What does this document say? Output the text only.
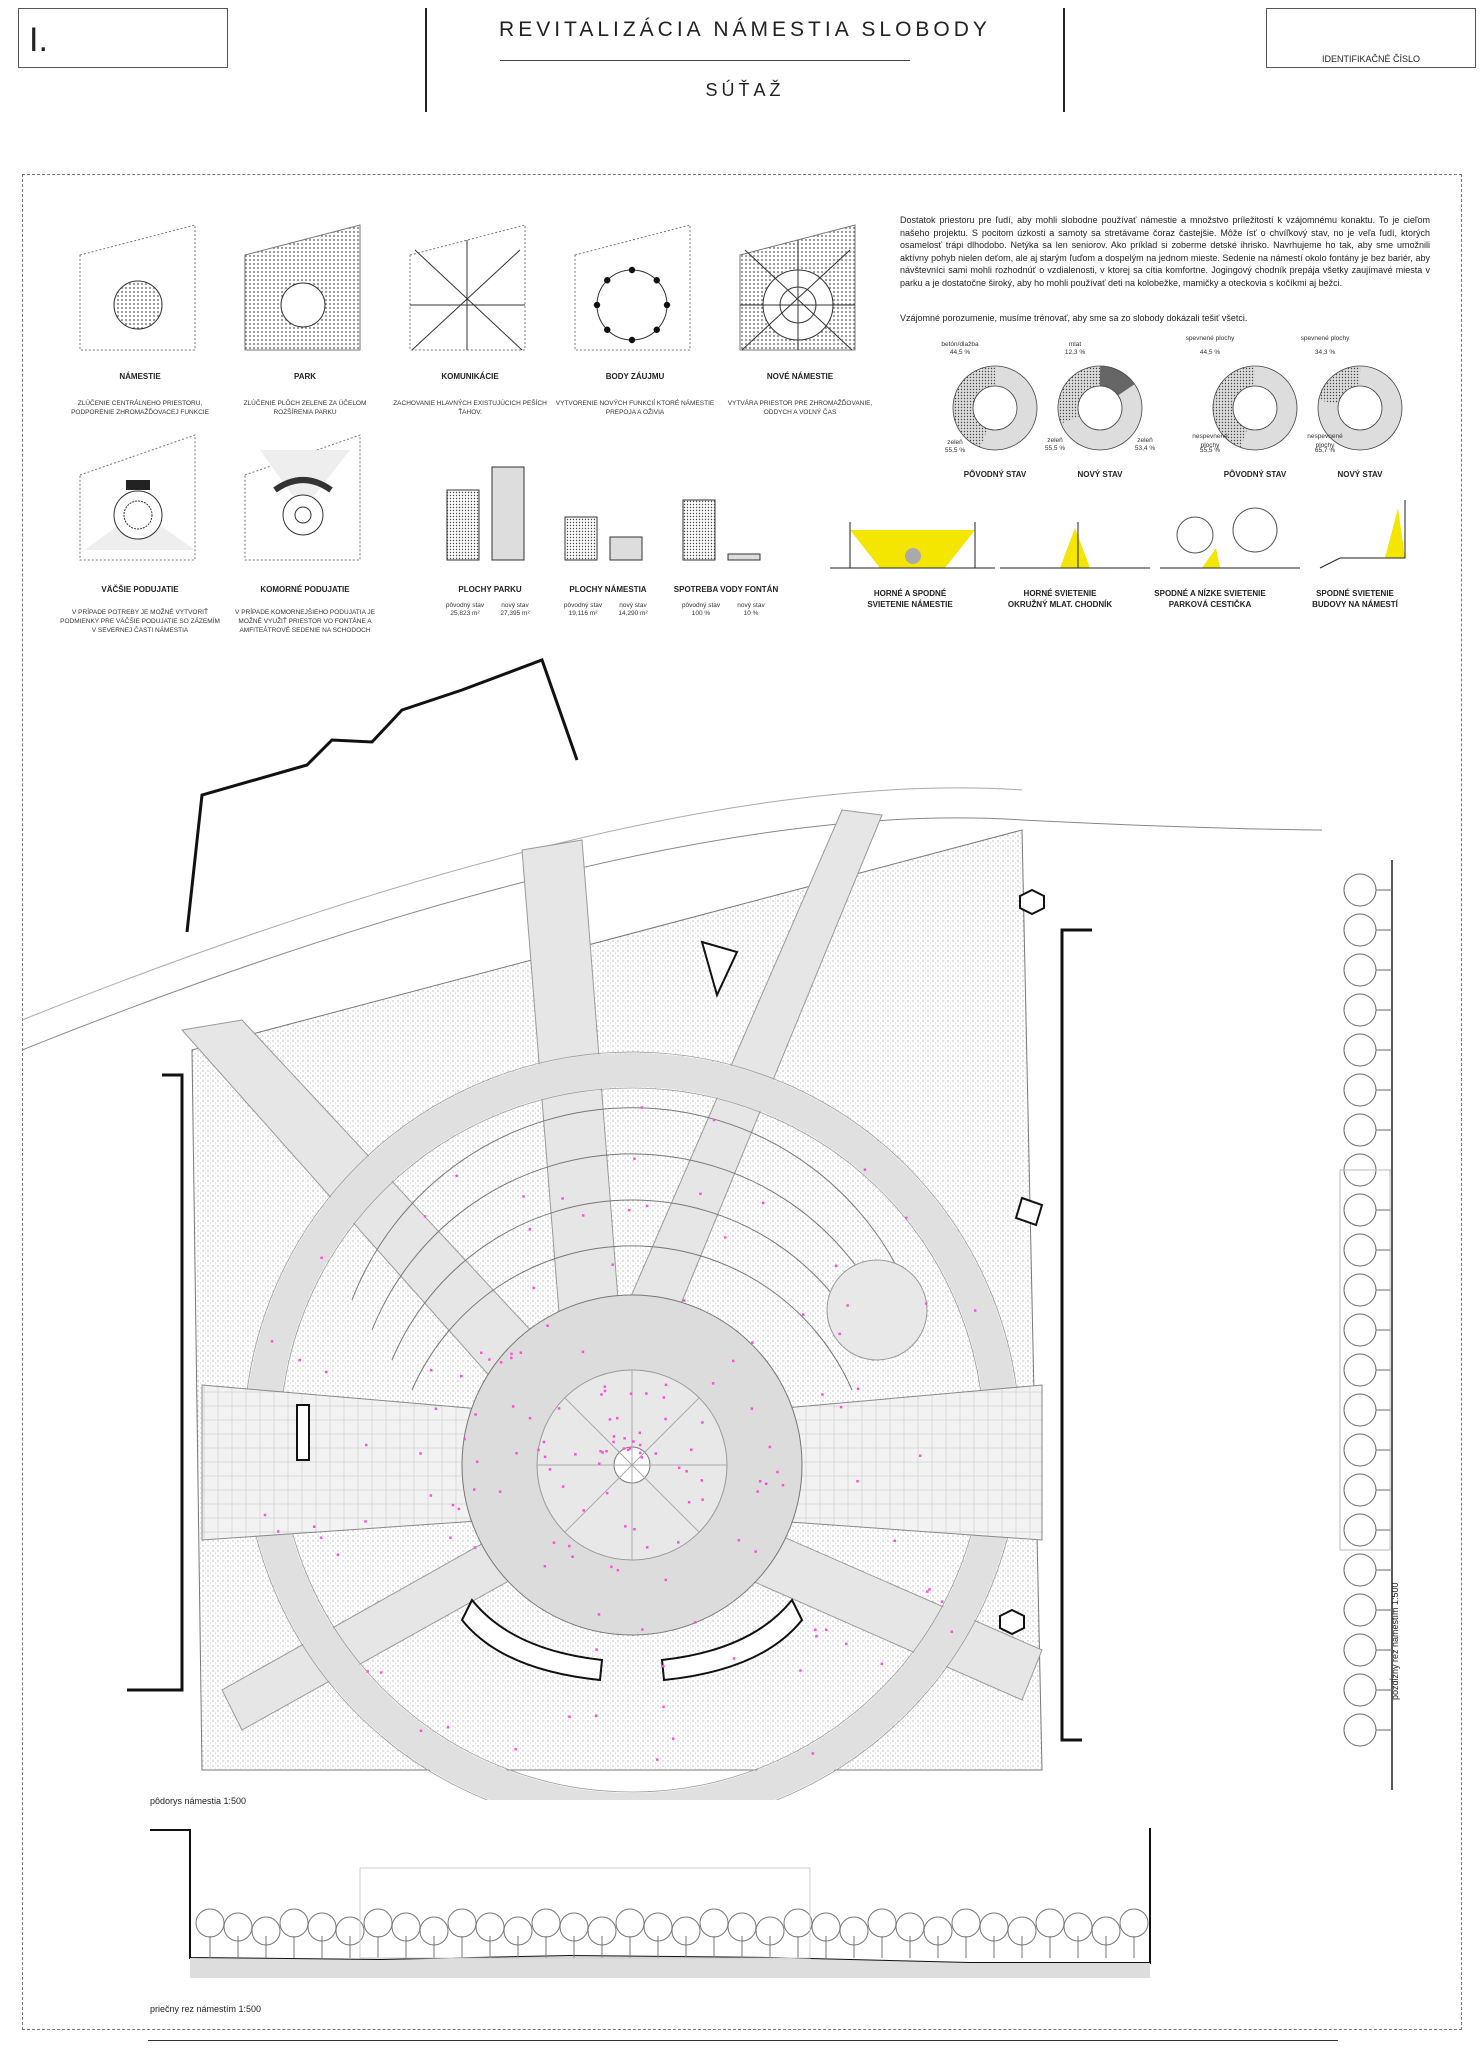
I.	REVITALIZÁCIA NÁMESTIA SLOBODY
SÚŤAŽ
IDENTIFIKAČNÉ ČÍSLO
NÁMESTIE
ZLÚČENIE CENTRÁLNEHO PRIESTORU, PODPORENIE ZHROMAŽĎOVACEJ FUNKCIE
PARK
ZLÚČENIE PLÔCH ZELENE ZA ÚČELOM ROZŠÍRENIA PARKU
KOMUNIKÁCIE
ZACHOVANIE HLAVNÝCH EXISTUJÚCICH PEŠÍCH ŤAHOV.
BODY ZÁUJMU
VYTVORENIE NOVÝCH FUNKCIÍ KTORÉ NÁMESTIE PREPOJA A OŽIVIA
NOVÉ NÁMESTIE
VYTVÁRA PRIESTOR PRE ZHROMAŽĎOVANIE, ODDYCH A VOĽNÝ ČAS
VÄČŠIE PODUJATIE
V PRÍPADE POTREBY JE MOŽNÉ VYTVORIŤ PODMIENKY PRE VÄČŠIE PODUJATIE SO ZÁZEMÍM V SEVERNEJ ČASTI NÁMESTIA
KOMORNÉ PODUJATIE
V PRÍPADE KOMORNEJŠIEHO PODUJATIA JE MOŽNÉ VYUŽIŤ PRIESTOR VO FONTÁNE A AMFITEÁTROVÉ SEDENIE NA SCHODOCH
PLOCHY PARKU
pôvodný stav
25,823 m²
nový stav
27,395 m²
PLOCHY NÁMESTIA
pôvodný stav
19,116 m²
nový stav
14,290 m²
SPOTREBA VODY FONTÁN
pôvodný stav
100 %
nový stav
10 %
Dostatok priestoru pre ľudí, aby mohli slobodne používať námestie a množstvo príležitostí k vzájomnému konaktu. To je cieľom našeho projektu. S pocitom úzkosti a samoty sa stretávame čoraz častejšie. Môže ísť o chvíľkový stav, no je veľa ľudí, ktorých osamelosť trápi dlhodobo. Netýka sa len seniorov. Ako príklad si zoberme detské ihrisko. Navrhujeme ho tak, aby sme umožnili aktívny pohyb nielen deťom, ale aj starým ľuďom a dospelým na jednom mieste. Sedenie na námestí okolo fontány je bez bariér, aby návštevníci sami mohli rozhodnúť o vzdialenosti, v ktorej sa cítia komfortne. Jogingový chodník prepája všetky zaujímavé miesta v parku a je dostatočne široký, aby ho mohli používať deti na kolobežke, mamičky a oteckovia s kočíkmi aj bežci.
Vzájomné porozumenie, musíme trénovať, aby sme sa zo slobody dokázali tešiť všetci.
betón/dlažba
44,5 %
zeleň
55,5 %
mlat
12,3 %
zeleň
55,5 %
zeleň
53,4 %
spevnené plochy
44,5 %
nespevnené plochy
55,5 %
spevnené plochy
34,3 %
nespevnené plochy
65,7 %
PÔVODNÝ STAV	NOVÝ STAV	PÔVODNÝ STAV	NOVÝ STAV
HORNÉ A SPODNÉ SVIETENIE NÁMESTIE
HORNÉ SVIETENIE OKRUŽNÝ MLAT. CHODNÍK
SPODNÉ A NÍZKE SVIETENIE PARKOVÁ CESTIČKA
SPODNÉ SVIETENIE BUDOVY NA NÁMESTÍ
pôdorys námestia 1:500
pozdĺžny rez námestím 1:500
priečny rez námestím 1:500
